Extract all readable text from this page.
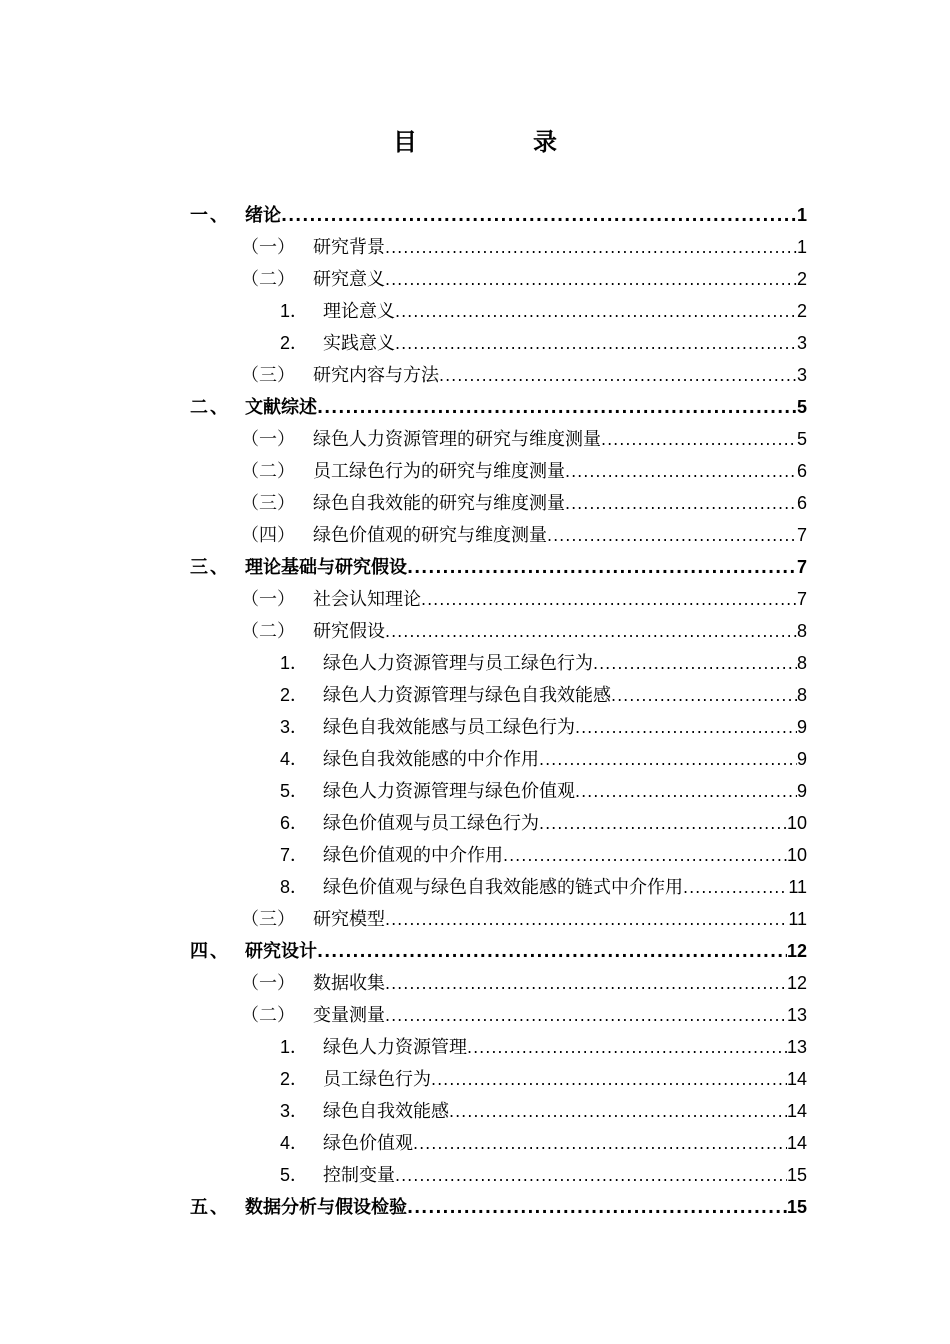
目　录
一、 绪论 .....	1
（一） 研究背景 .....	1
（二） 研究意义 .....	2
1． 理论意义 .....	2
2． 实践意义 .....	3
（三） 研究内容与方法 .....	3
二、 文献综述 .....	5
（一） 绿色人力资源管理的研究与维度测量 .....	5
（二） 员工绿色行为的研究与维度测量 .....	6
（三） 绿色自我效能的研究与维度测量 .....	6
（四） 绿色价值观的研究与维度测量 .....	7
三、 理论基础与研究假设 .....	7
（一） 社会认知理论 .....	7
（二） 研究假设 .....	8
1． 绿色人力资源管理与员工绿色行为 .....	8
2． 绿色人力资源管理与绿色自我效能感 .....	8
3． 绿色自我效能感与员工绿色行为 .....	9
4． 绿色自我效能感的中介作用 .....	9
5． 绿色人力资源管理与绿色价值观 .....	9
6． 绿色价值观与员工绿色行为 .....	10
7． 绿色价值观的中介作用 .....	10
8． 绿色价值观与绿色自我效能感的链式中介作用 .....	11
（三） 研究模型 .....	11
四、 研究设计 .....	12
（一） 数据收集 .....	12
（二） 变量测量 .....	13
1． 绿色人力资源管理 .....	13
2． 员工绿色行为 .....	14
3． 绿色自我效能感 .....	14
4． 绿色价值观 .....	14
5． 控制变量 .....	15
五、 数据分析与假设检验 .....	15
